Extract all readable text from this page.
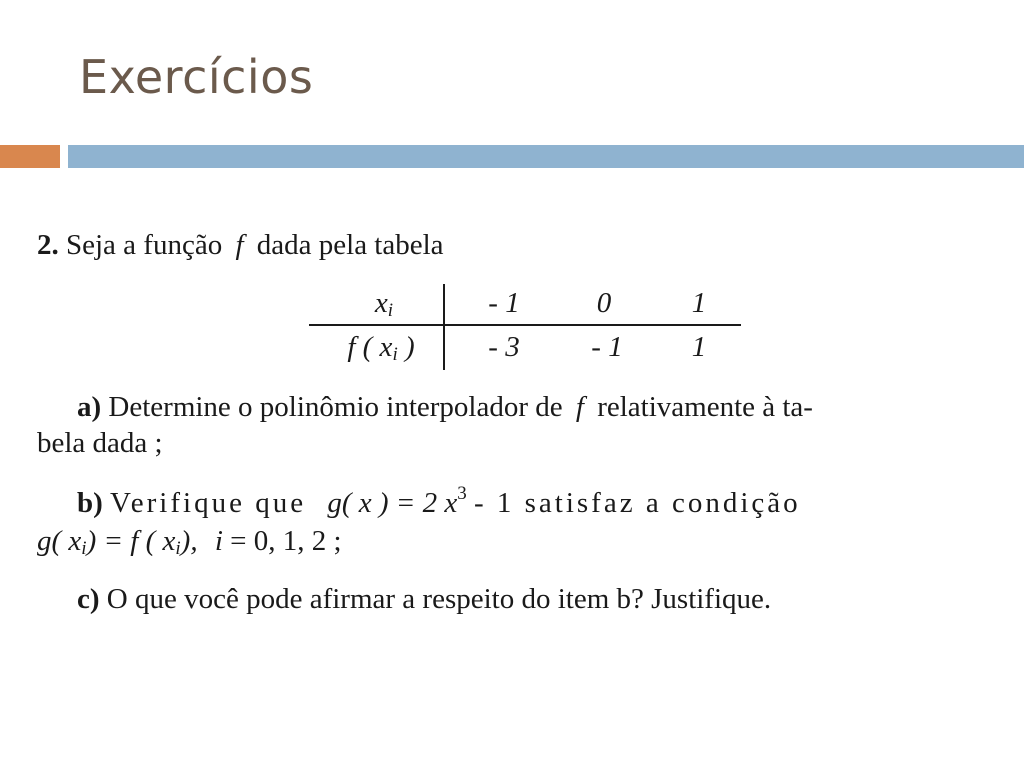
Exercícios
2. Seja a função f dada pela tabela
$x_i$	- 1	0	1
f ( $x_i$ )	- 3	- 1	1
a) Determine o polinômio interpolador de f relativamente à ta-
bela dada ;
b) Verifique que g( x ) = 2 $x^3 - 1$ satisfaz a condição
g( $x_i) = f$ ( $x_i$), i = 0, 1, 2 ;
c) O que você pode afirmar a respeito do item b? Justifique.
